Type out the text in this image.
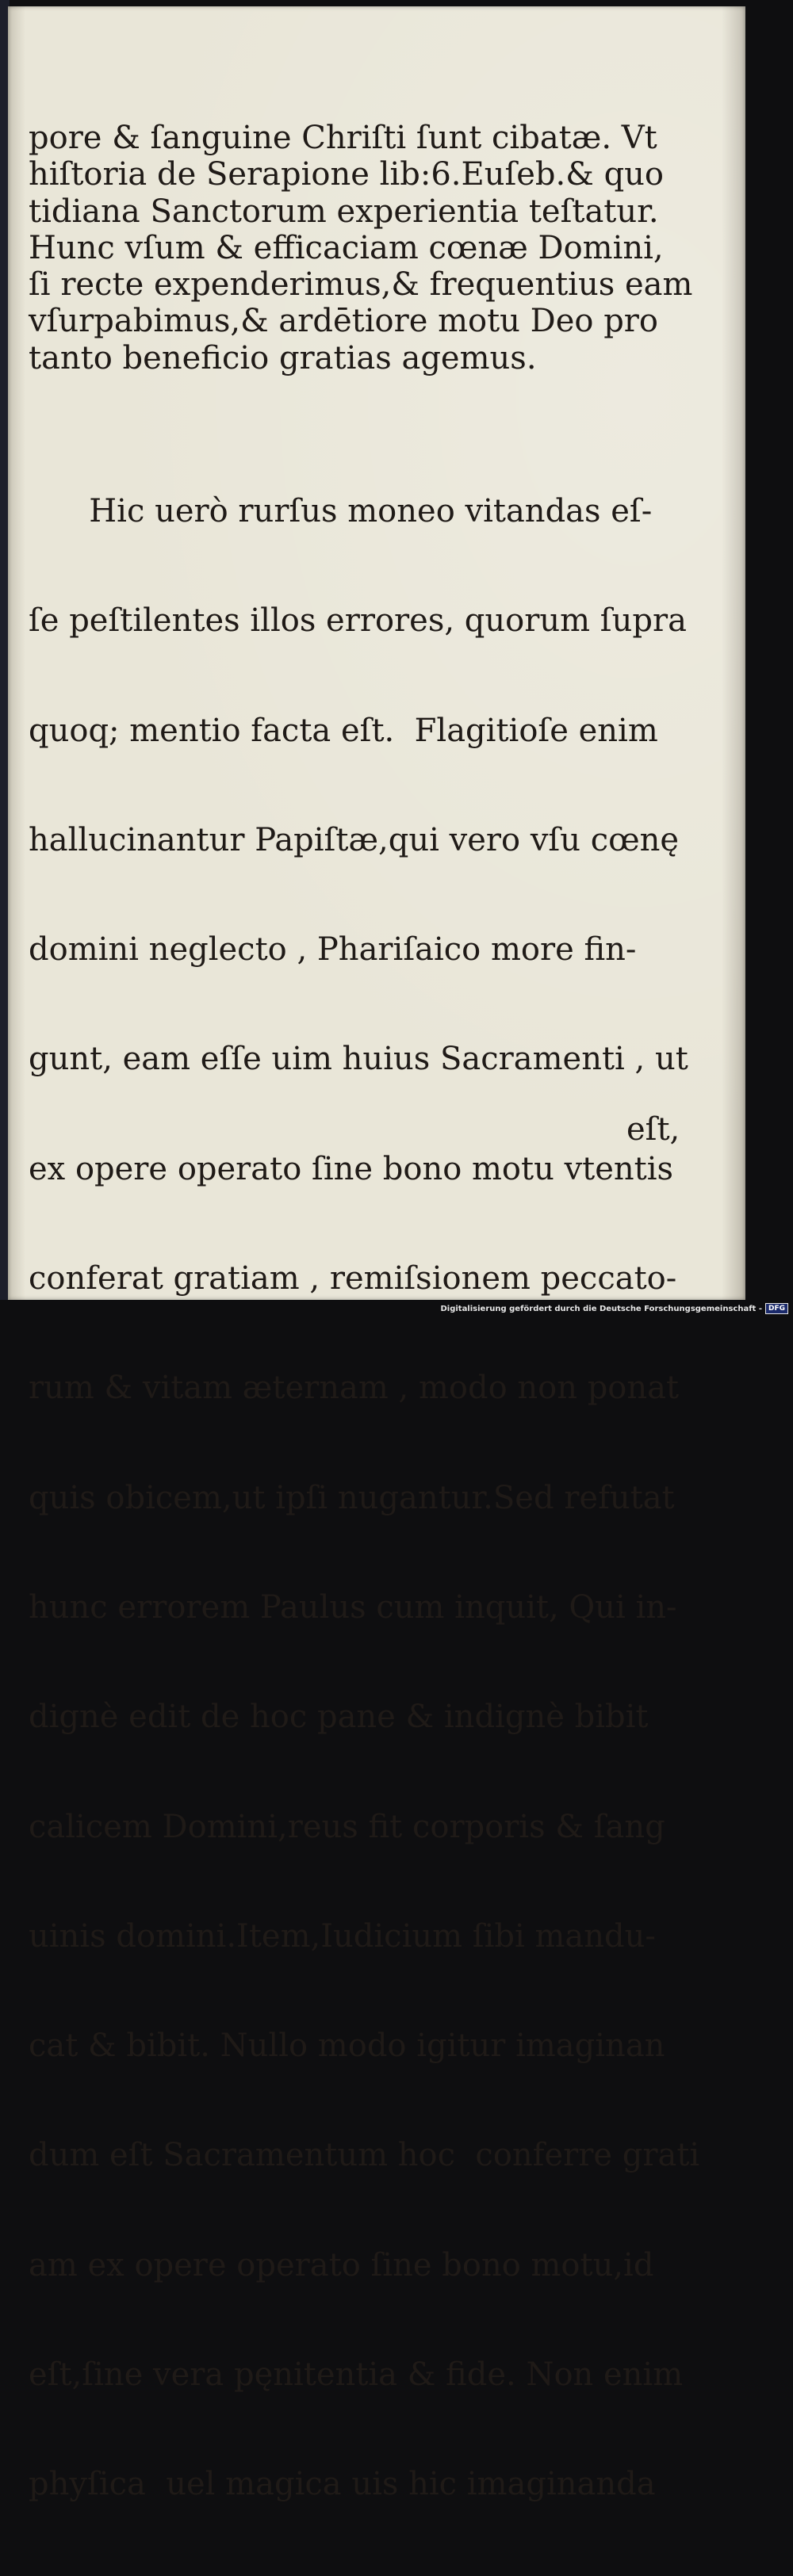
pore & ſanguine Chriſti ſunt cibatæ. Vt
hiſtoria de Serapione lib:6.Euſeb.& quo
tidiana Sanctorum experientia teſtatur.
Hunc vſum & efficaciam cœnæ Domini,
ſi recte expenderimus,& frequentius eam
vſurpabimus,& ardētiore motu Deo pro
tanto beneficio gratias agemus.

Hic uerò rurſus moneo vitandas eſ-

ſe peſtilentes illos errores, quorum ſupra

quoq; mentio facta eſt.  Flagitioſe enim

hallucinantur Papiſtæ,qui vero vſu cœnę

domini neglecto , Phariſaico more fin-

gunt, eam eſſe uim huius Sacramenti , ut

ex opere operato ſine bono motu vtentis

conferat gratiam , remiſsionem peccato-

rum & vitam æternam , modo non ponat

quis obicem,ut ipſi nugantur.Sed refutat

hunc errorem Paulus cum inquit, Qui in-

dignè edit de hoc pane & indignè bibit

calicem Domini,reus fit corporis & ſang

uinis domini.Item,Iudicium ſibi mandu-

cat & bibit. Nullo modo igitur imaginan

dum eſt Sacramentum hoc  conferre grati

am ex opere operato ſine bono motu,id

eſt,ſine vera pęnitentia & fide. Non enim

phyſica  uel magica uis hic imaginanda

eſt,
Digitalisierung gefördert durch die Deutsche Forschungsgemeinschaft - DFG
